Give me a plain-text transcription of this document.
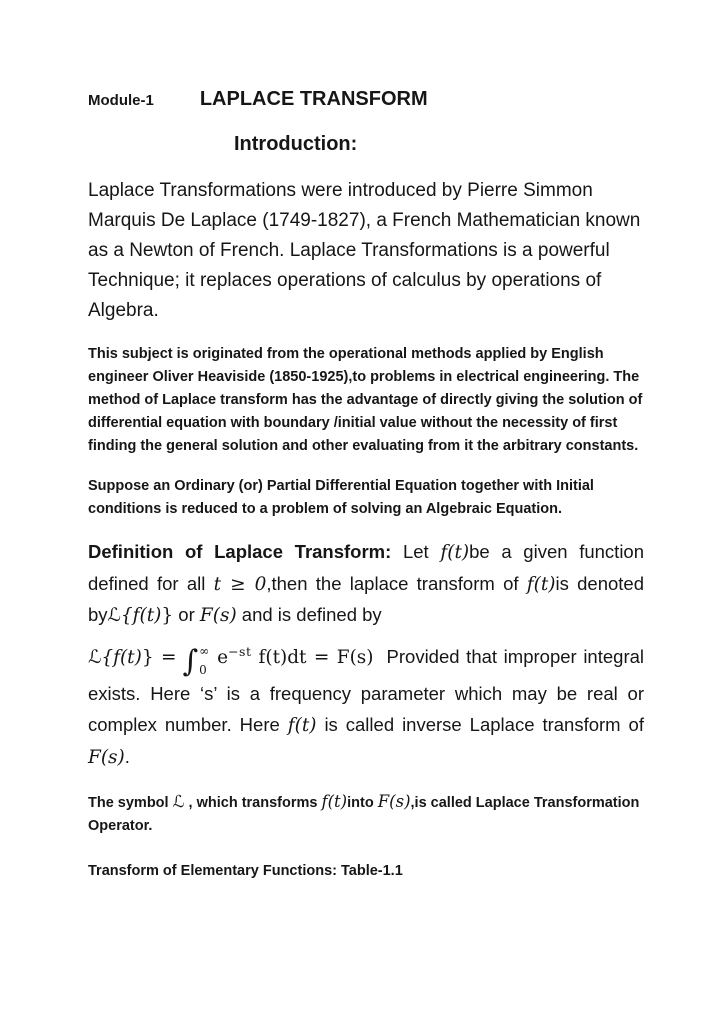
Module-1 LAPLACE TRANSFORM
Introduction:

Laplace Transformations were introduced by Pierre Simmon Marquis De Laplace (1749-1827), a French Mathematician known as a Newton of French. Laplace Transformations is a powerful Technique; it replaces operations of calculus by operations of Algebra.

This subject is originated from the operational methods applied by English engineer Oliver Heaviside (1850-1925),to problems in electrical engineering. The method of Laplace transform has the advantage of directly giving the solution of differential equation with boundary /initial value without the necessity of first finding the general solution and other evaluating from it the arbitrary constants.

Suppose an Ordinary (or) Partial Differential Equation together with Initial conditions is reduced to a problem of solving an Algebraic Equation.

Definition of Laplace Transform: Let f(t)be a given function defined for all t ≥ 0,then the laplace transform of f(t)is denoted byℒ{f(t)} or F(s) and is defined by

ℒ{f(t)} = ∫ ∞
0
$e^{-st}$ f(t)dt = F(s) Provided that improper integral exists. Here ‘s’ is a frequency parameter which may be real or complex number. Here f(t) is called inverse Laplace transform of F(s).

The symbol ℒ , which transforms f(t)into F(s),is called Laplace Transformation Operator.

Transform of Elementary Functions: Table-1.1
